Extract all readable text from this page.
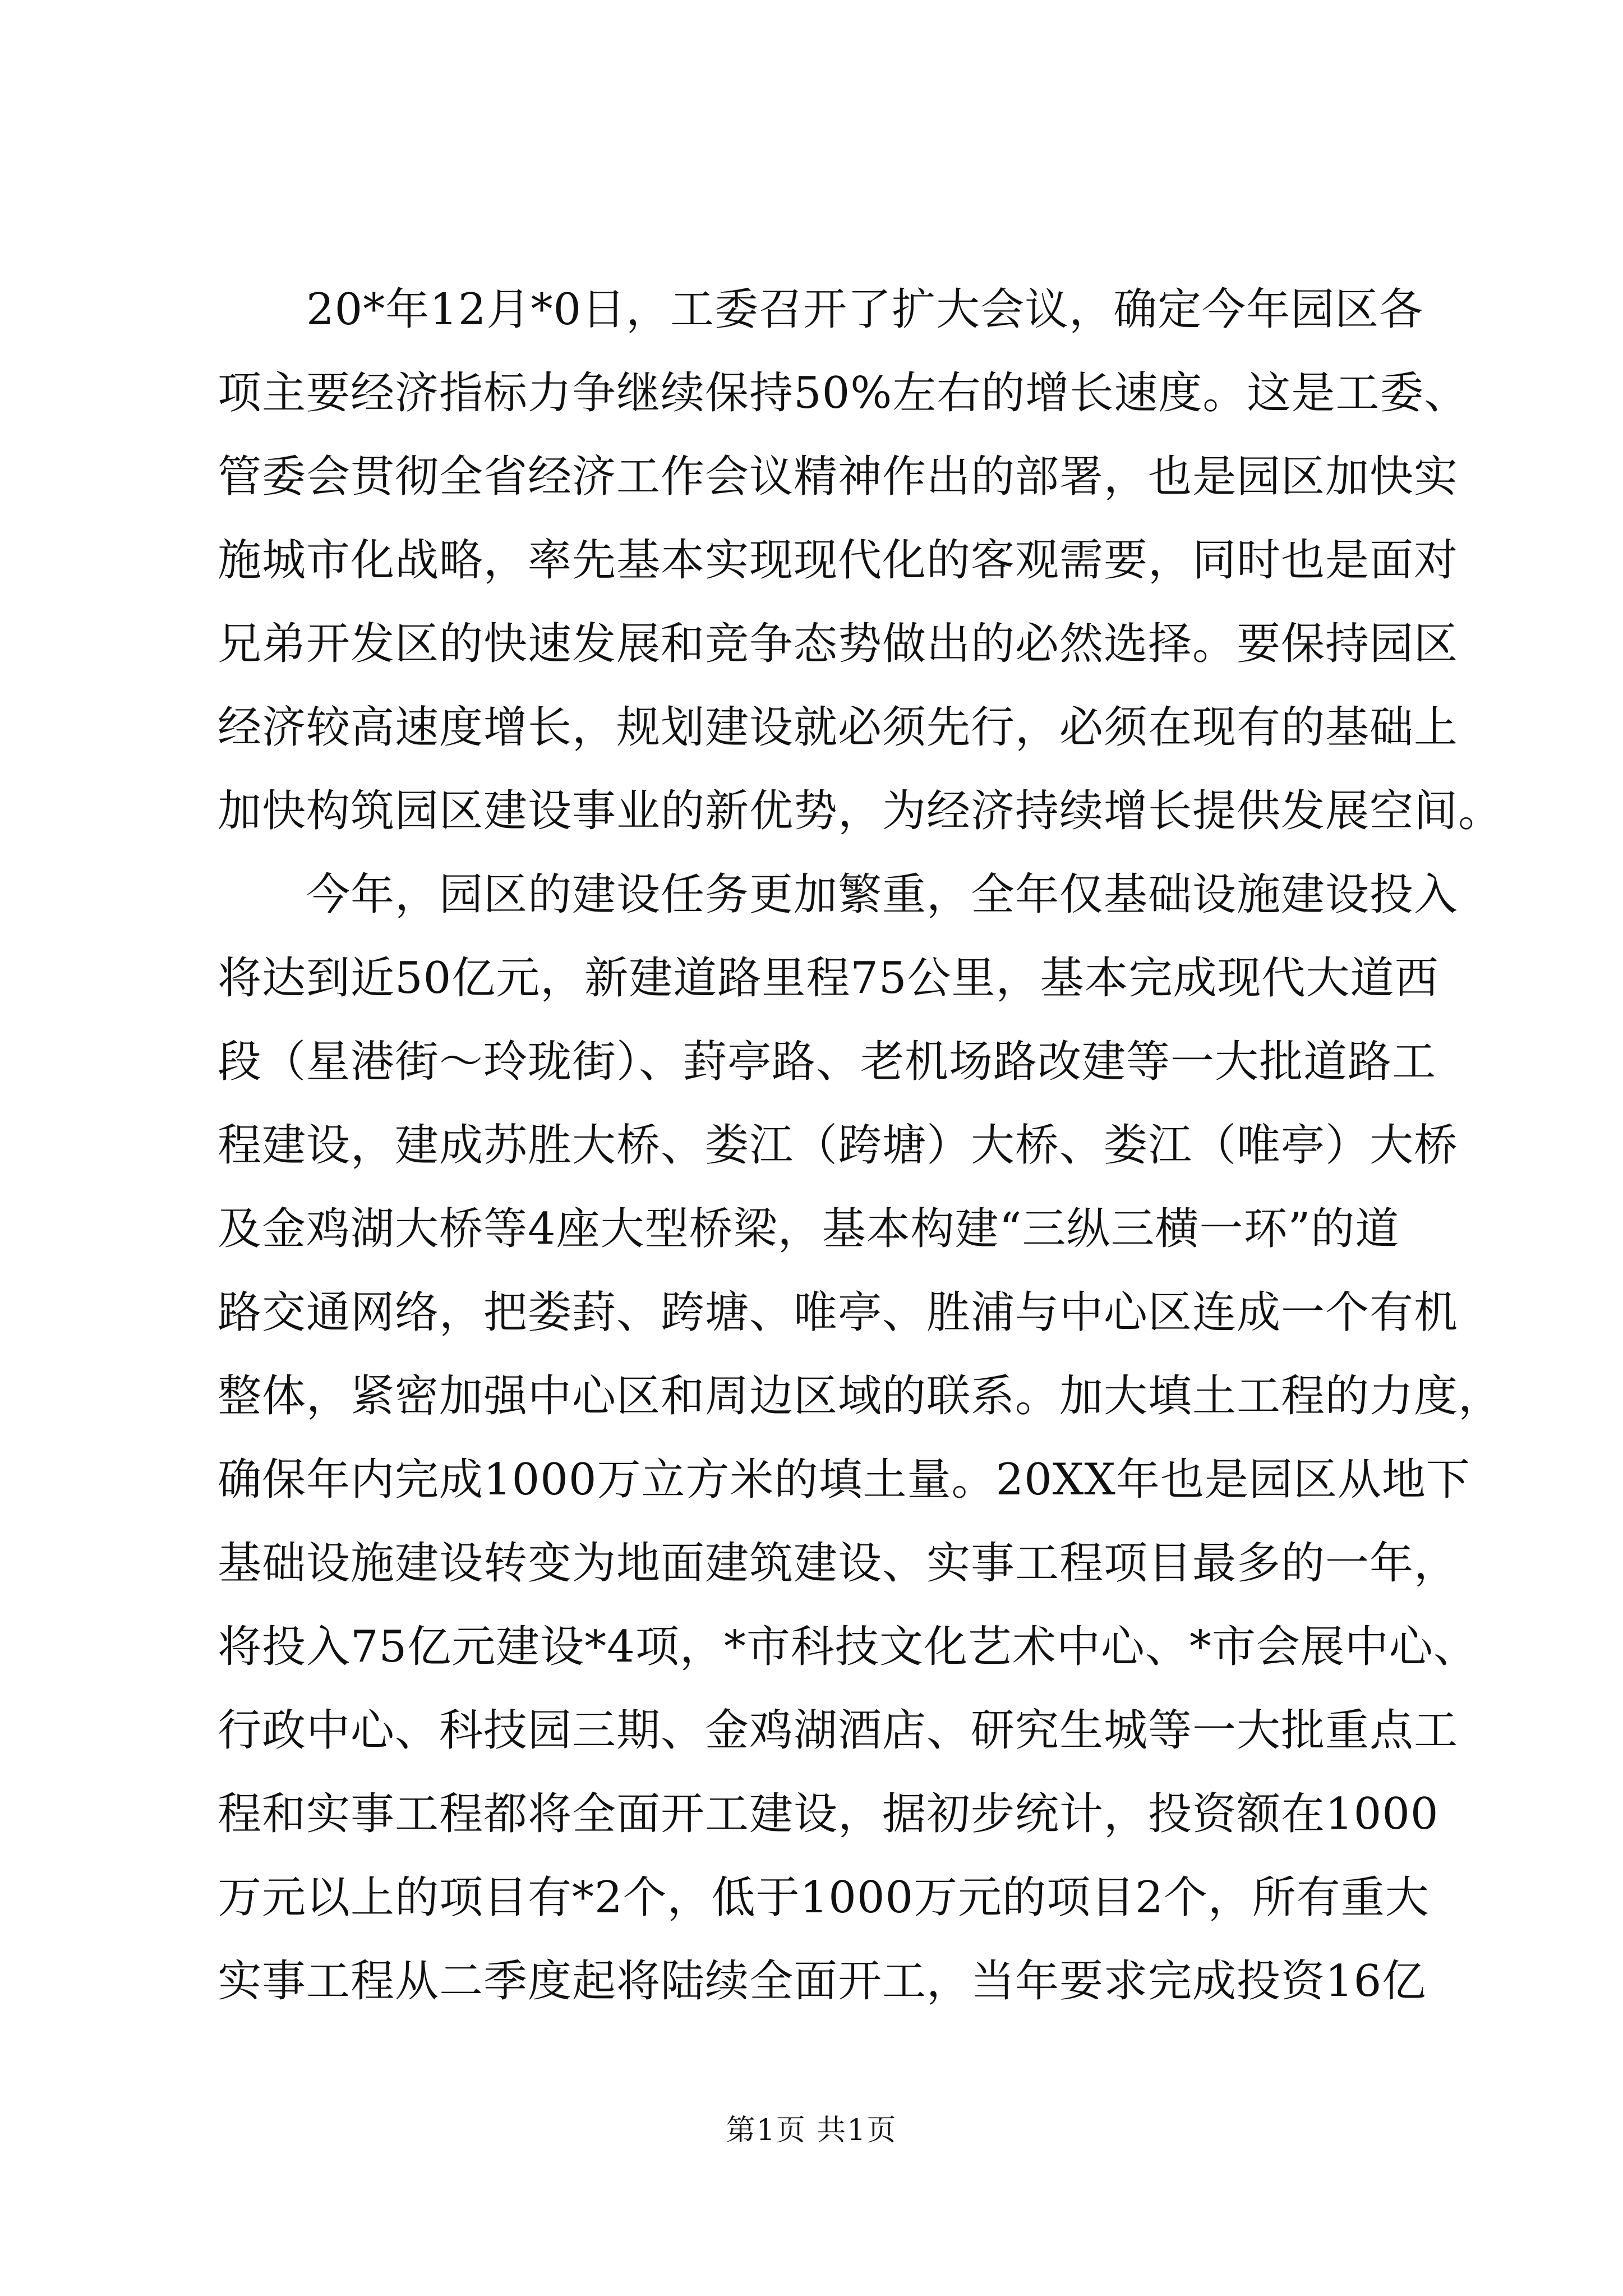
20*年12月*0日，工委召开了扩大会议，确定今年园区各
项主要经济指标力争继续保持50%左右的增长速度。这是工委、
管委会贯彻全省经济工作会议精神作出的部署，也是园区加快实
施城市化战略，率先基本实现现代化的客观需要，同时也是面对
兄弟开发区的快速发展和竞争态势做出的必然选择。要保持园区
经济较高速度增长，规划建设就必须先行，必须在现有的基础上
加快构筑园区建设事业的新优势，为经济持续增长提供发展空间。
今年，园区的建设任务更加繁重，全年仅基础设施建设投入
将达到近50亿元，新建道路里程75公里，基本完成现代大道西
段（星港街～玲珑街）、葑亭路、老机场路改建等一大批道路工
程建设，建成苏胜大桥、娄江（跨塘）大桥、娄江（唯亭）大桥
及金鸡湖大桥等4座大型桥梁，基本构建“三纵三横一环”的道
路交通网络，把娄葑、跨塘、唯亭、胜浦与中心区连成一个有机
整体，紧密加强中心区和周边区域的联系。加大填土工程的力度，
确保年内完成1000万立方米的填土量。20XX年也是园区从地下
基础设施建设转变为地面建筑建设、实事工程项目最多的一年，
将投入75亿元建设*4项，*市科技文化艺术中心、*市会展中心、
行政中心、科技园三期、金鸡湖酒店、研究生城等一大批重点工
程和实事工程都将全面开工建设，据初步统计，投资额在1000
万元以上的项目有*2个，低于1000万元的项目2个，所有重大
实事工程从二季度起将陆续全面开工，当年要求完成投资16亿
第1页 共1页
